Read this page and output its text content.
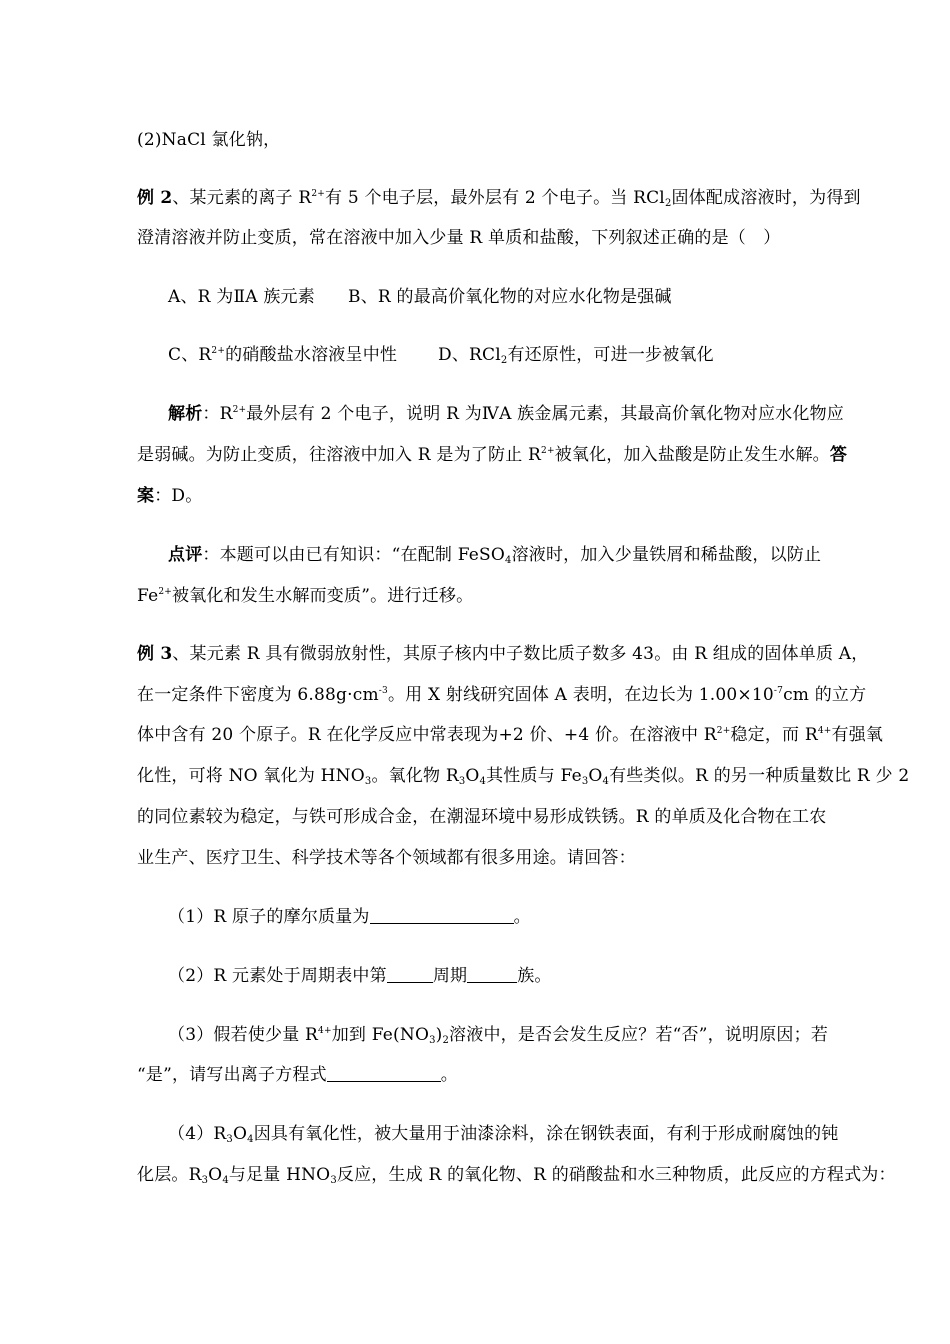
(2)NaCl 氯化钠，
例 2、某元素的离子 $R^{2+}$有 5 个电子层，最外层有 2 个电子。当 RCl$_2$固体配成溶液时，为得到
澄清溶液并防止变质，常在溶液中加入少量 R 单质和盐酸，下列叙述正确的是（　）
A、R 为ⅡA 族元素 B、R 的最高价氧化物的对应水化物是强碱
C、$R^{2+}$的硝酸盐水溶液呈中性 D、RCl$_2$有还原性，可进一步被氧化
解析：$R^{2+}$最外层有 2 个电子，说明 R 为ⅣA 族金属元素，其最高价氧化物对应水化物应
是弱碱。为防止变质，往溶液中加入 R 是为了防止 $R^{2+}$被氧化，加入盐酸是防止发生水解。答
案：D。
点评：本题可以由已有知识：“在配制 FeSO$_4$溶液时，加入少量铁屑和稀盐酸，以防止
$Fe^{2+}$被氧化和发生水解而变质”。进行迁移。
例 3、某元素 R 具有微弱放射性，其原子核内中子数比质子数多 43。由 R 组成的固体单质 A，
在一定条件下密度为 $6.88g\cdot cm^{-3}$。用 X 射线研究固体 A 表明，在边长为 $1.00\times 10^{-7}cm$ 的立方
体中含有 20 个原子。R 在化学反应中常表现为+2 价、+4 价。在溶液中 $R^{2+}$稳定，而 $R^{4+}$有强氧
化性，可将 NO 氧化为 $HNO_3$。氧化物 $R_3O_4$其性质与 $Fe_3O_4$有些类似。R 的另一种质量数比 R 少 2
的同位素较为稳定，与铁可形成合金，在潮湿环境中易形成铁锈。R 的单质及化合物在工农
业生产、医疗卫生、科学技术等各个领域都有很多用途。请回答：
（1）R 原子的摩尔质量为	。
（2）R 元素处于周期表中第	周期	族。
（3）假若使少量 $R^{4+}$加到 $Fe(NO_3)_2$溶液中，是否会发生反应？若“否”，说明原因；若
“是”，请写出离子方程式	。
$(4)R_3O_4$因具有氧化性，被大量用于油漆涂料，涂在钢铁表面，有利于形成耐腐蚀的钝
化层。$R_3O_4$与足量 $HNO_3$反应，生成 R 的氧化物、R 的硝酸盐和水三种物质，此反应的方程式为：
